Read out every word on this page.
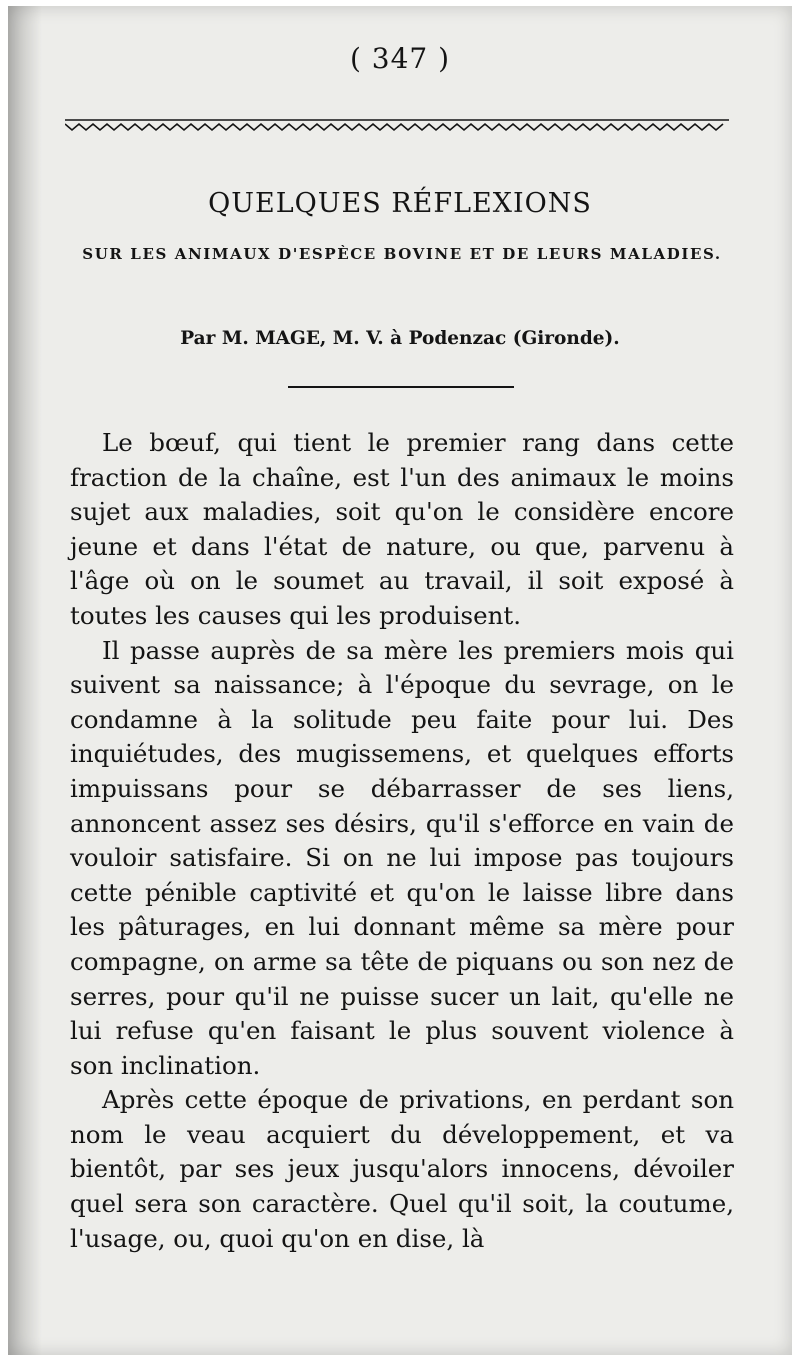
( 347 )
QUELQUES RÉFLEXIONS
SUR LES ANIMAUX D'ESPÈCE BOVINE ET DE LEURS MALADIES.
Par M. MAGE, M. V. à Podenzac (Gironde).

Le bœuf, qui tient le premier rang dans cette fraction de la chaîne, est l'un des animaux le moins sujet aux maladies, soit qu'on le considère encore jeune et dans l'état de nature, ou que, parvenu à l'âge où on le soumet au travail, il soit exposé à toutes les causes qui les produisent.

Il passe auprès de sa mère les premiers mois qui suivent sa naissance; à l'époque du sevrage, on le condamne à la solitude peu faite pour lui. Des inquiétudes, des mugissemens, et quelques efforts impuissans pour se débarrasser de ses liens, annoncent assez ses désirs, qu'il s'efforce en vain de vouloir satisfaire. Si on ne lui impose pas toujours cette pénible captivité et qu'on le laisse libre dans les pâturages, en lui donnant même sa mère pour compagne, on arme sa tête de piquans ou son nez de serres, pour qu'il ne puisse sucer un lait, qu'elle ne lui refuse qu'en faisant le plus souvent violence à son inclination.

Après cette époque de privations, en perdant son nom le veau acquiert du développement, et va bientôt, par ses jeux jusqu'alors innocens, dévoiler quel sera son caractère. Quel qu'il soit, la coutume, l'usage, ou, quoi qu'on en dise, là
